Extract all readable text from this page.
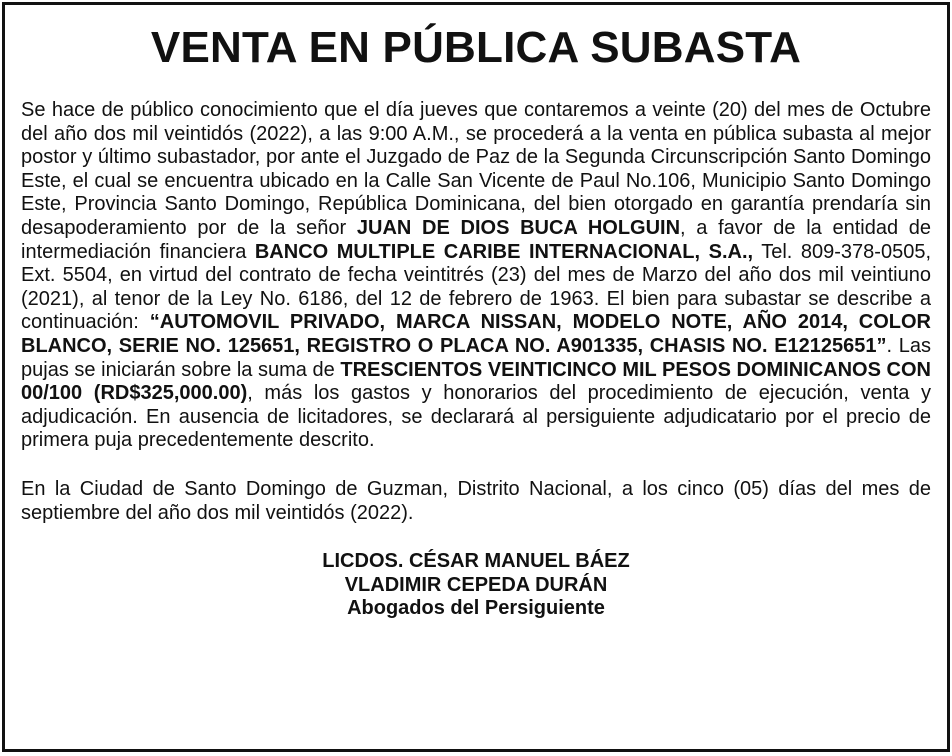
VENTA EN PÚBLICA SUBASTA

Se hace de público conocimiento que el día jueves que contaremos a veinte (20) del mes de Octubre del año dos mil veintidós (2022), a las 9:00 A.M., se procederá a la venta en pública subasta al mejor postor y último subastador, por ante el Juzgado de Paz de la Segunda Circunscripción Santo Domingo Este, el cual se encuentra ubicado en la Calle San Vicente de Paul No.106, Municipio Santo Domingo Este, Provincia Santo Domingo, República Dominicana, del bien otorgado en garantía prendaría sin desapoderamiento por de la señor JUAN DE DIOS BUCA HOLGUIN, a favor de la entidad de intermediación financiera BANCO MULTIPLE CARIBE INTERNACIONAL, S.A., Tel. 809-378-0505, Ext. 5504, en virtud del contrato de fecha veintitrés (23) del mes de Marzo del año dos mil veintiuno (2021), al tenor de la Ley No. 6186, del 12 de febrero de 1963. El bien para subastar se describe a continuación: “AUTOMOVIL PRIVADO, MARCA NISSAN, MODELO NOTE, AÑO 2014, COLOR BLANCO, SERIE NO. 125651, REGISTRO O PLACA NO. A901335, CHASIS NO. E12125651”. Las pujas se iniciarán sobre la suma de TRESCIENTOS VEINTICINCO MIL PESOS DOMINICANOS CON 00/100 (RD$325,000.00), más los gastos y honorarios del procedimiento de ejecución, venta y adjudicación. En ausencia de licitadores, se declarará al persiguiente adjudicatario por el precio de primera puja precedentemente descrito.

En la Ciudad de Santo Domingo de Guzman, Distrito Nacional, a los cinco (05) días del mes de septiembre del año dos mil veintidós (2022).

LICDOS. CÉSAR MANUEL BÁEZ
VLADIMIR CEPEDA DURÁN
Abogados del Persiguiente
